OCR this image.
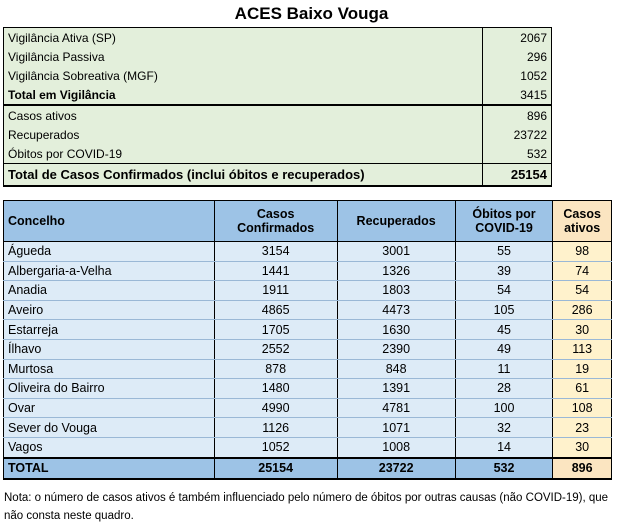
ACES Baixo Vouga
Vigilância Ativa (SP)	2067
Vigilância Passiva	296
Vigilância Sobreativa (MGF)	1052
Total em Vigilância	3415
Casos ativos	896
Recuperados	23722
Óbitos por COVID-19	532
Total de Casos Confirmados (inclui óbitos e recuperados)	25154
Concelho	Casos Confirmados	Recuperados	Óbitos por COVID-19	Casos ativos
Águeda	3154	3001	55	98
Albergaria-a-Velha	1441	1326	39	74
Anadia	1911	1803	54	54
Aveiro	4865	4473	105	286
Estarreja	1705	1630	45	30
Ílhavo	2552	2390	49	113
Murtosa	878	848	11	19
Oliveira do Bairro	1480	1391	28	61
Ovar	4990	4781	100	108
Sever do Vouga	1126	1071	32	23
Vagos	1052	1008	14	30
TOTAL	25154	23722	532	896
Nota: o número de casos ativos é também influenciado pelo número de óbitos por outras causas (não COVID-19), que não consta neste quadro.
